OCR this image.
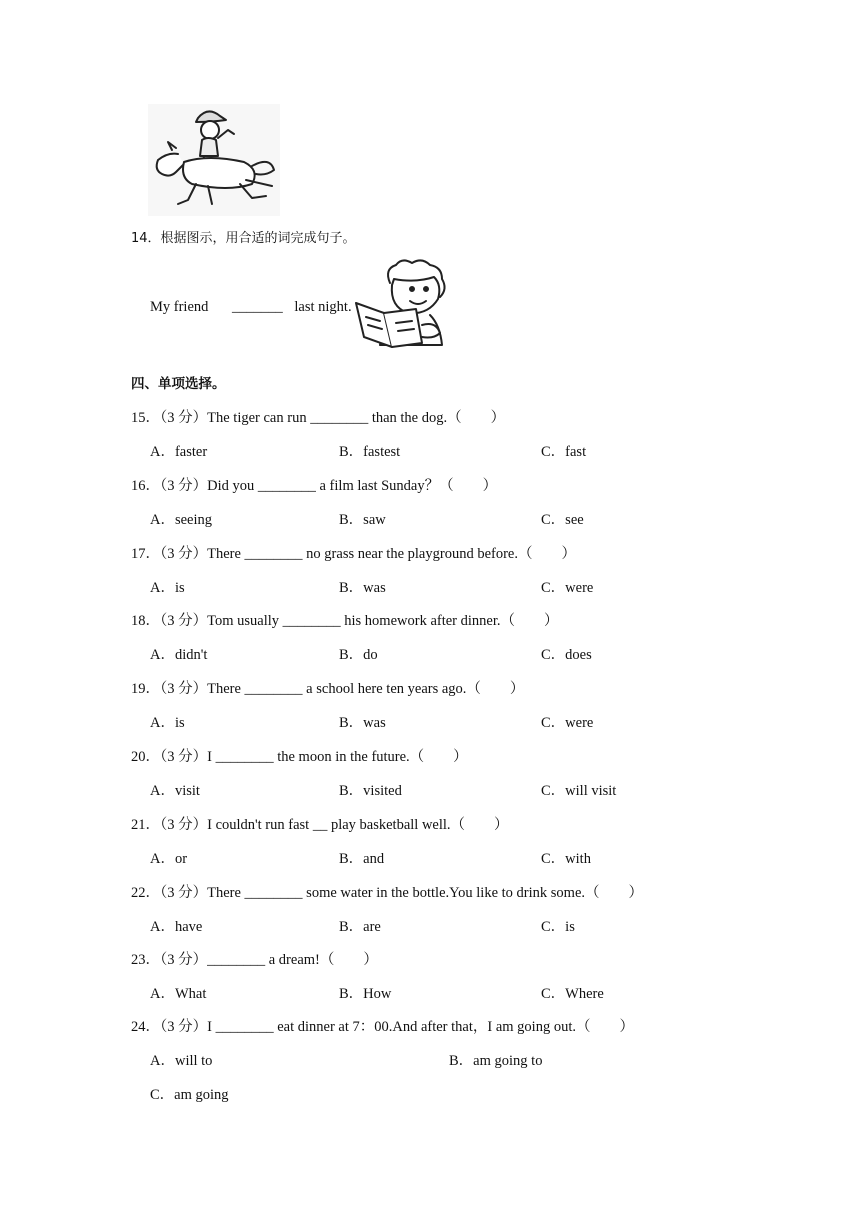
14．根据图示，用合适的词完成句子。
My friend _______ last night.
四、单项选择。
15．（3 分）The tiger can run ________ than the dog.（　　）
A．faster	B．fastest	C．fast
16．（3 分）Did you ________ a film last Sunday？（　　）
A．seeing	B．saw	C．see
17．（3 分）There ________ no grass near the playground before.（　　）
A．is	B．was	C．were
18．（3 分）Tom usually ________ his homework after dinner.（　　）
A．didn't	B．do	C．does
19．（3 分）There ________ a school here ten years ago.（　　）
A．is	B．was	C．were
20．（3 分）I ________ the moon in the future.（　　）
A．visit	B．visited	C．will visit
21．（3 分）I couldn't run fast __ play basketball well.（　　）
A．or	B．and	C．with
22．（3 分）There ________ some water in the bottle.You like to drink some.（　　）
A．have	B．are	C．is
23．（3 分）________ a dream!（　　）
A．What	B．How	C．Where
24．（3 分）I ________ eat dinner at 7：00.And after that，I am going out.（　　）
A．will to	B．am going to
C．am going
